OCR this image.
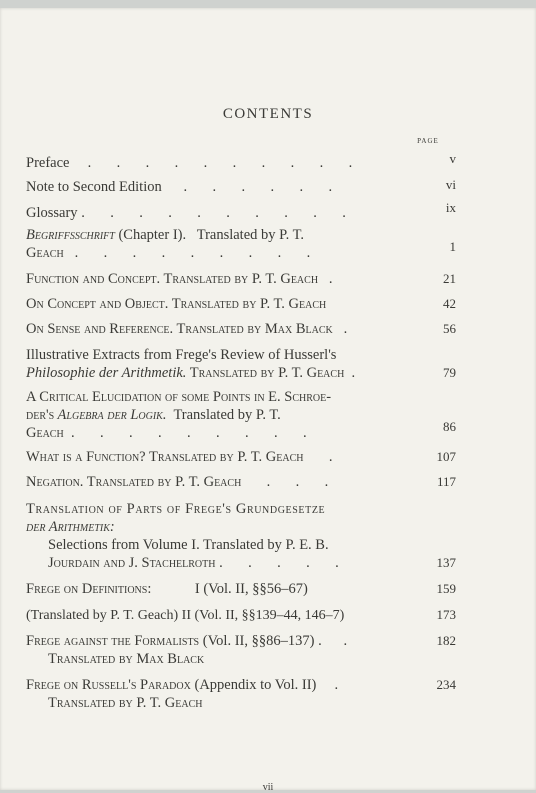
CONTENTS
PAGE
Preface     .       .       .       .       .       .       .       .       .       .	v
Note to Second Edition      .       .       .       .       .       .	vi
Glossary .       .       .       .       .       .       .       .       .       .	ix
Begriffsschrift (Chapter I).   Translated by P. T.
Geach   .       .       .       .       .       .       .       .       .	1
Function and Concept. Translated by P. T. Geach   .	21
On Concept and Object. Translated by P. T. Geach	42
On Sense and Reference. Translated by Max Black   .	56
Illustrative Extracts from Frege's Review of Husserl's
Philosophie der Arithmetik. Translated by P. T. Geach  .	79
A Critical Elucidation of some Points in E. Schroe-
der's Algebra der Logik.  Translated by P. T.
Geach  .       .       .       .       .       .       .       .       .	86
What is a Function? Translated by P. T. Geach       .	107
Negation. Translated by P. T. Geach       .       .       .	117
Translation of Parts of Frege's Grundgesetze
der Arithmetik:
Selections from Volume I. Translated by P. E. B.
Jourdain and J. Stachelroth .       .       .       .       .	137
Frege on Definitions:            I (Vol. II, §§56–67)	159
(Translated by P. T. Geach) II (Vol. II, §§139–44, 146–7)	173
Frege against the Formalists (Vol. II, §§86–137) .      .	182
Translated by Max Black
Frege on Russell's Paradox (Appendix to Vol. II)     .	234
Translated by P. T. Geach
vii
